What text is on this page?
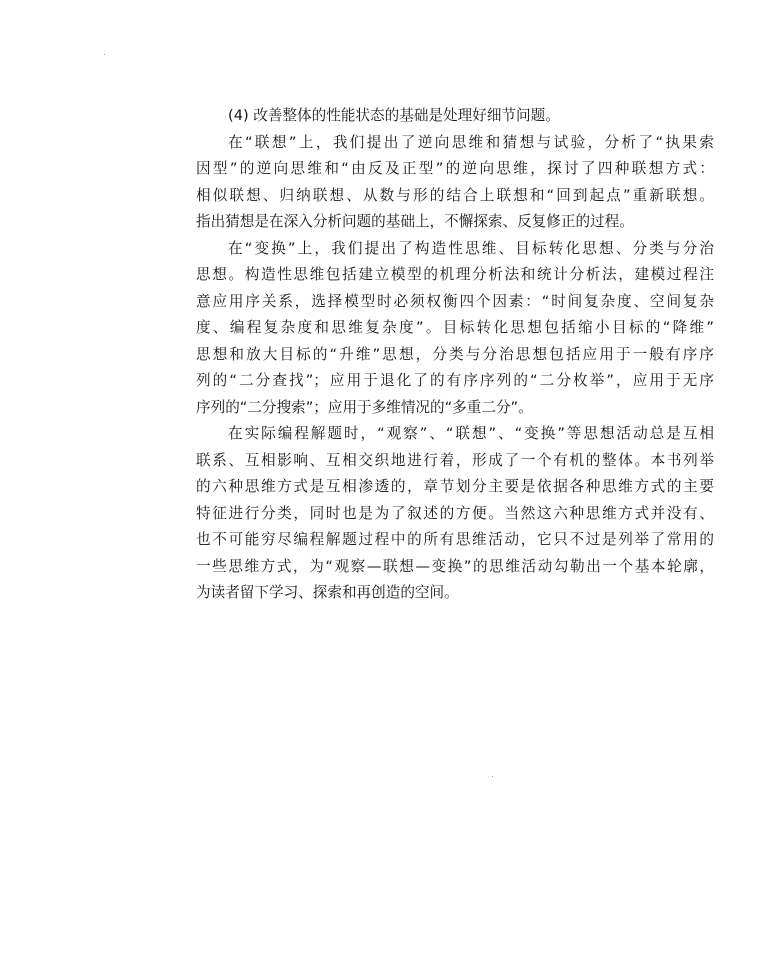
(4) 改善整体的性能状态的基础是处理好细节问题。
在“联想”上，我们提出了逆向思维和猜想与试验，分析了“执果索
因型”的逆向思维和“由反及正型”的逆向思维，探讨了四种联想方式：
相似联想、归纳联想、从数与形的结合上联想和“回到起点”重新联想。
指出猜想是在深入分析问题的基础上，不懈探索、反复修正的过程。
在“变换”上，我们提出了构造性思维、目标转化思想、分类与分治
思想。构造性思维包括建立模型的机理分析法和统计分析法，建模过程注
意应用序关系，选择模型时必须权衡四个因素：“时间复杂度、空间复杂
度、编程复杂度和思维复杂度”。目标转化思想包括缩小目标的“降维”
思想和放大目标的“升维”思想，分类与分治思想包括应用于一般有序序
列的“二分查找”；应用于退化了的有序序列的“二分枚举”，应用于无序
序列的“二分搜索”；应用于多维情况的“多重二分”。
在实际编程解题时，“观察”、“联想”、“变换”等思想活动总是互相
联系、互相影响、互相交织地进行着，形成了一个有机的整体。本书列举
的六种思维方式是互相渗透的，章节划分主要是依据各种思维方式的主要
特征进行分类，同时也是为了叙述的方便。当然这六种思维方式并没有、
也不可能穷尽编程解题过程中的所有思维活动，它只不过是列举了常用的
一些思维方式，为“观察—联想—变换”的思维活动勾勒出一个基本轮廓，
为读者留下学习、探索和再创造的空间。
